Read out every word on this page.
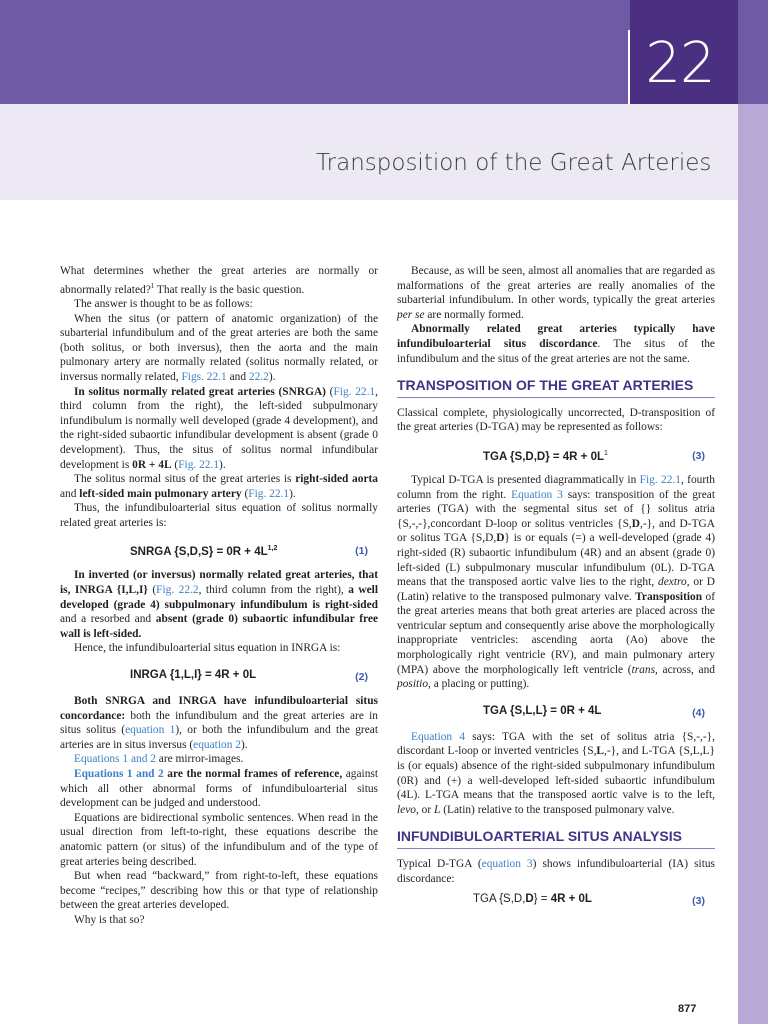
22
Transposition of the Great Arteries

What determines whether the great arteries are normally or abnormally related?$^1$ That really is the basic question.

The answer is thought to be as follows:

When the situs (or pattern of anatomic organization) of the subarterial infundibulum and of the great arteries are both the same (both solitus, or both inversus), then the aorta and the main pulmonary artery are normally related (solitus normally related, or inversus normally related, Figs. 22.1 and 22.2).

In solitus normally related great arteries (SNRGA) (Fig. 22.1, third column from the right), the left-sided subpulmonary infundibulum is normally well developed (grade 4 development), and the right-sided subaortic infundibular development is absent (grade 0 development). Thus, the situs of solitus normal infundibular development is 0R + 4L (Fig. 22.1).

The solitus normal situs of the great arteries is right-sided aorta and left-sided main pulmonary artery (Fig. 22.1).

Thus, the infundibuloarterial situs equation of solitus normally related great arteries is:

SNRGA $\{S,D,S\} = 0R + 4L^{1,2}$	(1)

In inverted (or inversus) normally related great arteries, that is, INRGA {I,L,I} (Fig. 22.2, third column from the right), a well developed (grade 4) subpulmonary infundibulum is right-sided and a resorbed and absent (grade 0) subaortic infundibular free wall is left-sided.

Hence, the infundibuloarterial situs equation in INRGA is:

INRGA {1,L,I} = 4R + 0L	(2)

Both SNRGA and INRGA have infundibuloarterial situs concordance: both the infundibulum and the great arteries are in situs solitus (equation 1), or both the infundibulum and the great arteries are in situs inversus (equation 2).

Equations 1 and 2 are mirror-images.

Equations 1 and 2 are the normal frames of reference, against which all other abnormal forms of infundibuloarterial situs development can be judged and understood.

Equations are bidirectional symbolic sentences. When read in the usual direction from left-to-right, these equations describe the anatomic pattern (or situs) of the infundibulum and of the type of great arteries being described.

But when read “backward,” from right-to-left, these equations become “recipes,” describing how this or that type of relationship between the great arteries developed.

Why is that so?

Because, as will be seen, almost all anomalies that are regarded as malformations of the great arteries are really anomalies of the subarterial infundibulum. In other words, typically the great arteries per se are normally formed.

Abnormally related great arteries typically have infundibuloarterial situs discordance. The situs of the infundibulum and the situs of the great arteries are not the same.

TRANSPOSITION OF THE GREAT ARTERIES

Classical complete, physiologically uncorrected, D-transposition of the great arteries (D-TGA) may be represented as follows:

TGA $\{S,D,D\} = 4R + 0L^1$	(3)

Typical D-TGA is presented diagrammatically in Fig. 22.1, fourth column from the right. Equation 3 says: transposition of the great arteries (TGA) with the segmental situs set of {} solitus atria {S,-,-},concordant D-loop or solitus ventricles {S,D,-}, and D-TGA or solitus TGA {S,D,D} is or equals (=) a well-developed (grade 4) right-sided (R) subaortic infundibulum (4R) and an absent (grade 0) left-sided (L) subpulmonary muscular infundibulum (0L). D-TGA means that the transposed aortic valve lies to the right, dextro, or D (Latin) relative to the transposed pulmonary valve. Transposition of the great arteries means that both great arteries are placed across the ventricular septum and consequently arise above the morphologically inappropriate ventricles: ascending aorta (Ao) above the morphologically right ventricle (RV), and main pulmonary artery (MPA) above the morphologically left ventricle (trans, across, and positio, a placing or putting).

TGA {S,L,L} = 0R + 4L	(4)

Equation 4 says: TGA with the set of solitus atria {S,-,-}, discordant L-loop or inverted ventricles {S,L,-}, and L-TGA {S,L,L} is (or equals) absence of the right-sided subpulmonary infundibulum (0R) and (+) a well-developed left-sided subaortic infundibulum (4L). L-TGA means that the transposed aortic valve is to the left, levo, or L (Latin) relative to the transposed pulmonary valve.

INFUNDIBULOARTERIAL SITUS ANALYSIS

Typical D-TGA (equation 3) shows infundibuloarterial (IA) situs discordance:

TGA {S,D,D} = 4R + 0L	(3)
877
